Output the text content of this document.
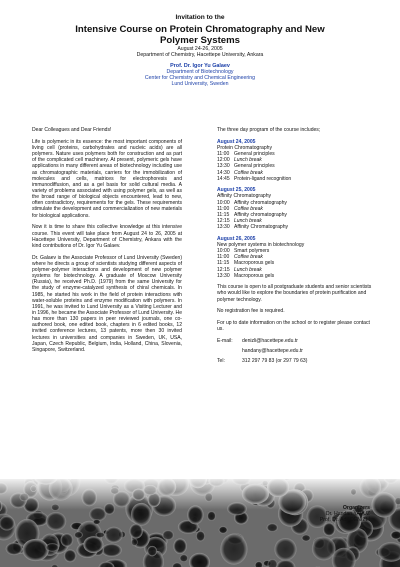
Invitation to the
Intensive Course on Protein Chromatography and New
Polymer Systems
August 24-26, 2005
Department of Chemistry, Hacettepe University, Ankara
Prof. Dr. Igor Yu Galaev
Department of Biotechnology
Center for Chemistry and Chemical Engineering
Lund University, Sweden

Dear Colleagues and Dear Friends!

Life is polymeric in its essence: the most important components of living cell (proteins, carbohydrates and nucleic acids) are all polymers. Nature uses polymers both for construction and as part of the complicated cell machinery. At present, polymeric gels have applications in many different areas of biotechnology including use as chromatographic materials, carriers for the immobilization of molecules and cells, matrices for electrophoresis and immunodiffusion, and as a gel basis for solid cultural media. A variety of problems associated with using polymer gels, as well as the broad range of biological objects encountered, lead to new, often contradictory, requirements for the gels. These requirements stimulate the development and commercialization of new materials for biological applications.

Now it is time to share this collective knowledge at this intensive course. This event will take place from August 24 to 26, 2005 at Hacettepe University, Department of Chemistry, Ankara with the kind contributions of Dr. Igor Yu Galaev.

Dr. Galaev is the Associate Professor of Lund University (Sweden) where he directs a group of scientists studying different aspects of polymer-polymer interactions and development of new polymer systems for biotechnology. A graduate of Moscow University (Russia), he received Ph.D. (1979) from the same University for the study of enzyme-catalyzed synthesis of chiral chemicals. In 1985, he started his work in the field of protein interactions with water-soluble proteins and enzyme modification with polymers. In 1991, he was invited to Lund University as a Visiting Lecturer and in 1996, he became the Associate Professor of Lund University. He has more than 130 papers in peer reviewed journals, one co-authored book, one edited book, chapters in 6 edited books, 12 invited conference lectures, 13 patents, more then 30 invited lectures in universities and companies in Sweden, UK, USA, Japan, Czech Republic, Belgium, India, Holland, China, Slovenia, Singapore, Switzerland.

The three day program of the course includes;

August 24, 2005
Protein Chromatography
11:00 General principles
12:00 Lunch break
13:30 General principles
14:30 Coffee break
14:45 Protein-ligand recognition
August 25, 2005
Affinity Chromatography
10:00 Affinity chromatography
11:00 Coffee break
11:15 Affinity chromatography
12:15 Lunch break
13:30 Affinity Chromatography
August 26, 2005
New polymer systems in biotechnology
10:00 Smart polymers
11:00 Coffee break
11:15 Macroporous gels
12:15 Lunch break
13:30 Macroporous gels

This course is open to all postgraduate students and senior scientists who would like to explore the boundaries of protein purification and polymer technology.

No registration fee is required.

For up to date information on the school or to register please contact us.

E-mail:	denizli@hacettepe.edu.tr
handany@hacettepe.edu.tr
Tel:	312 297 79 83 (or 297 79 63)
Organizers
Dr. Handan YAVUZ
Prof. Dr. Adil DENİZLİ
